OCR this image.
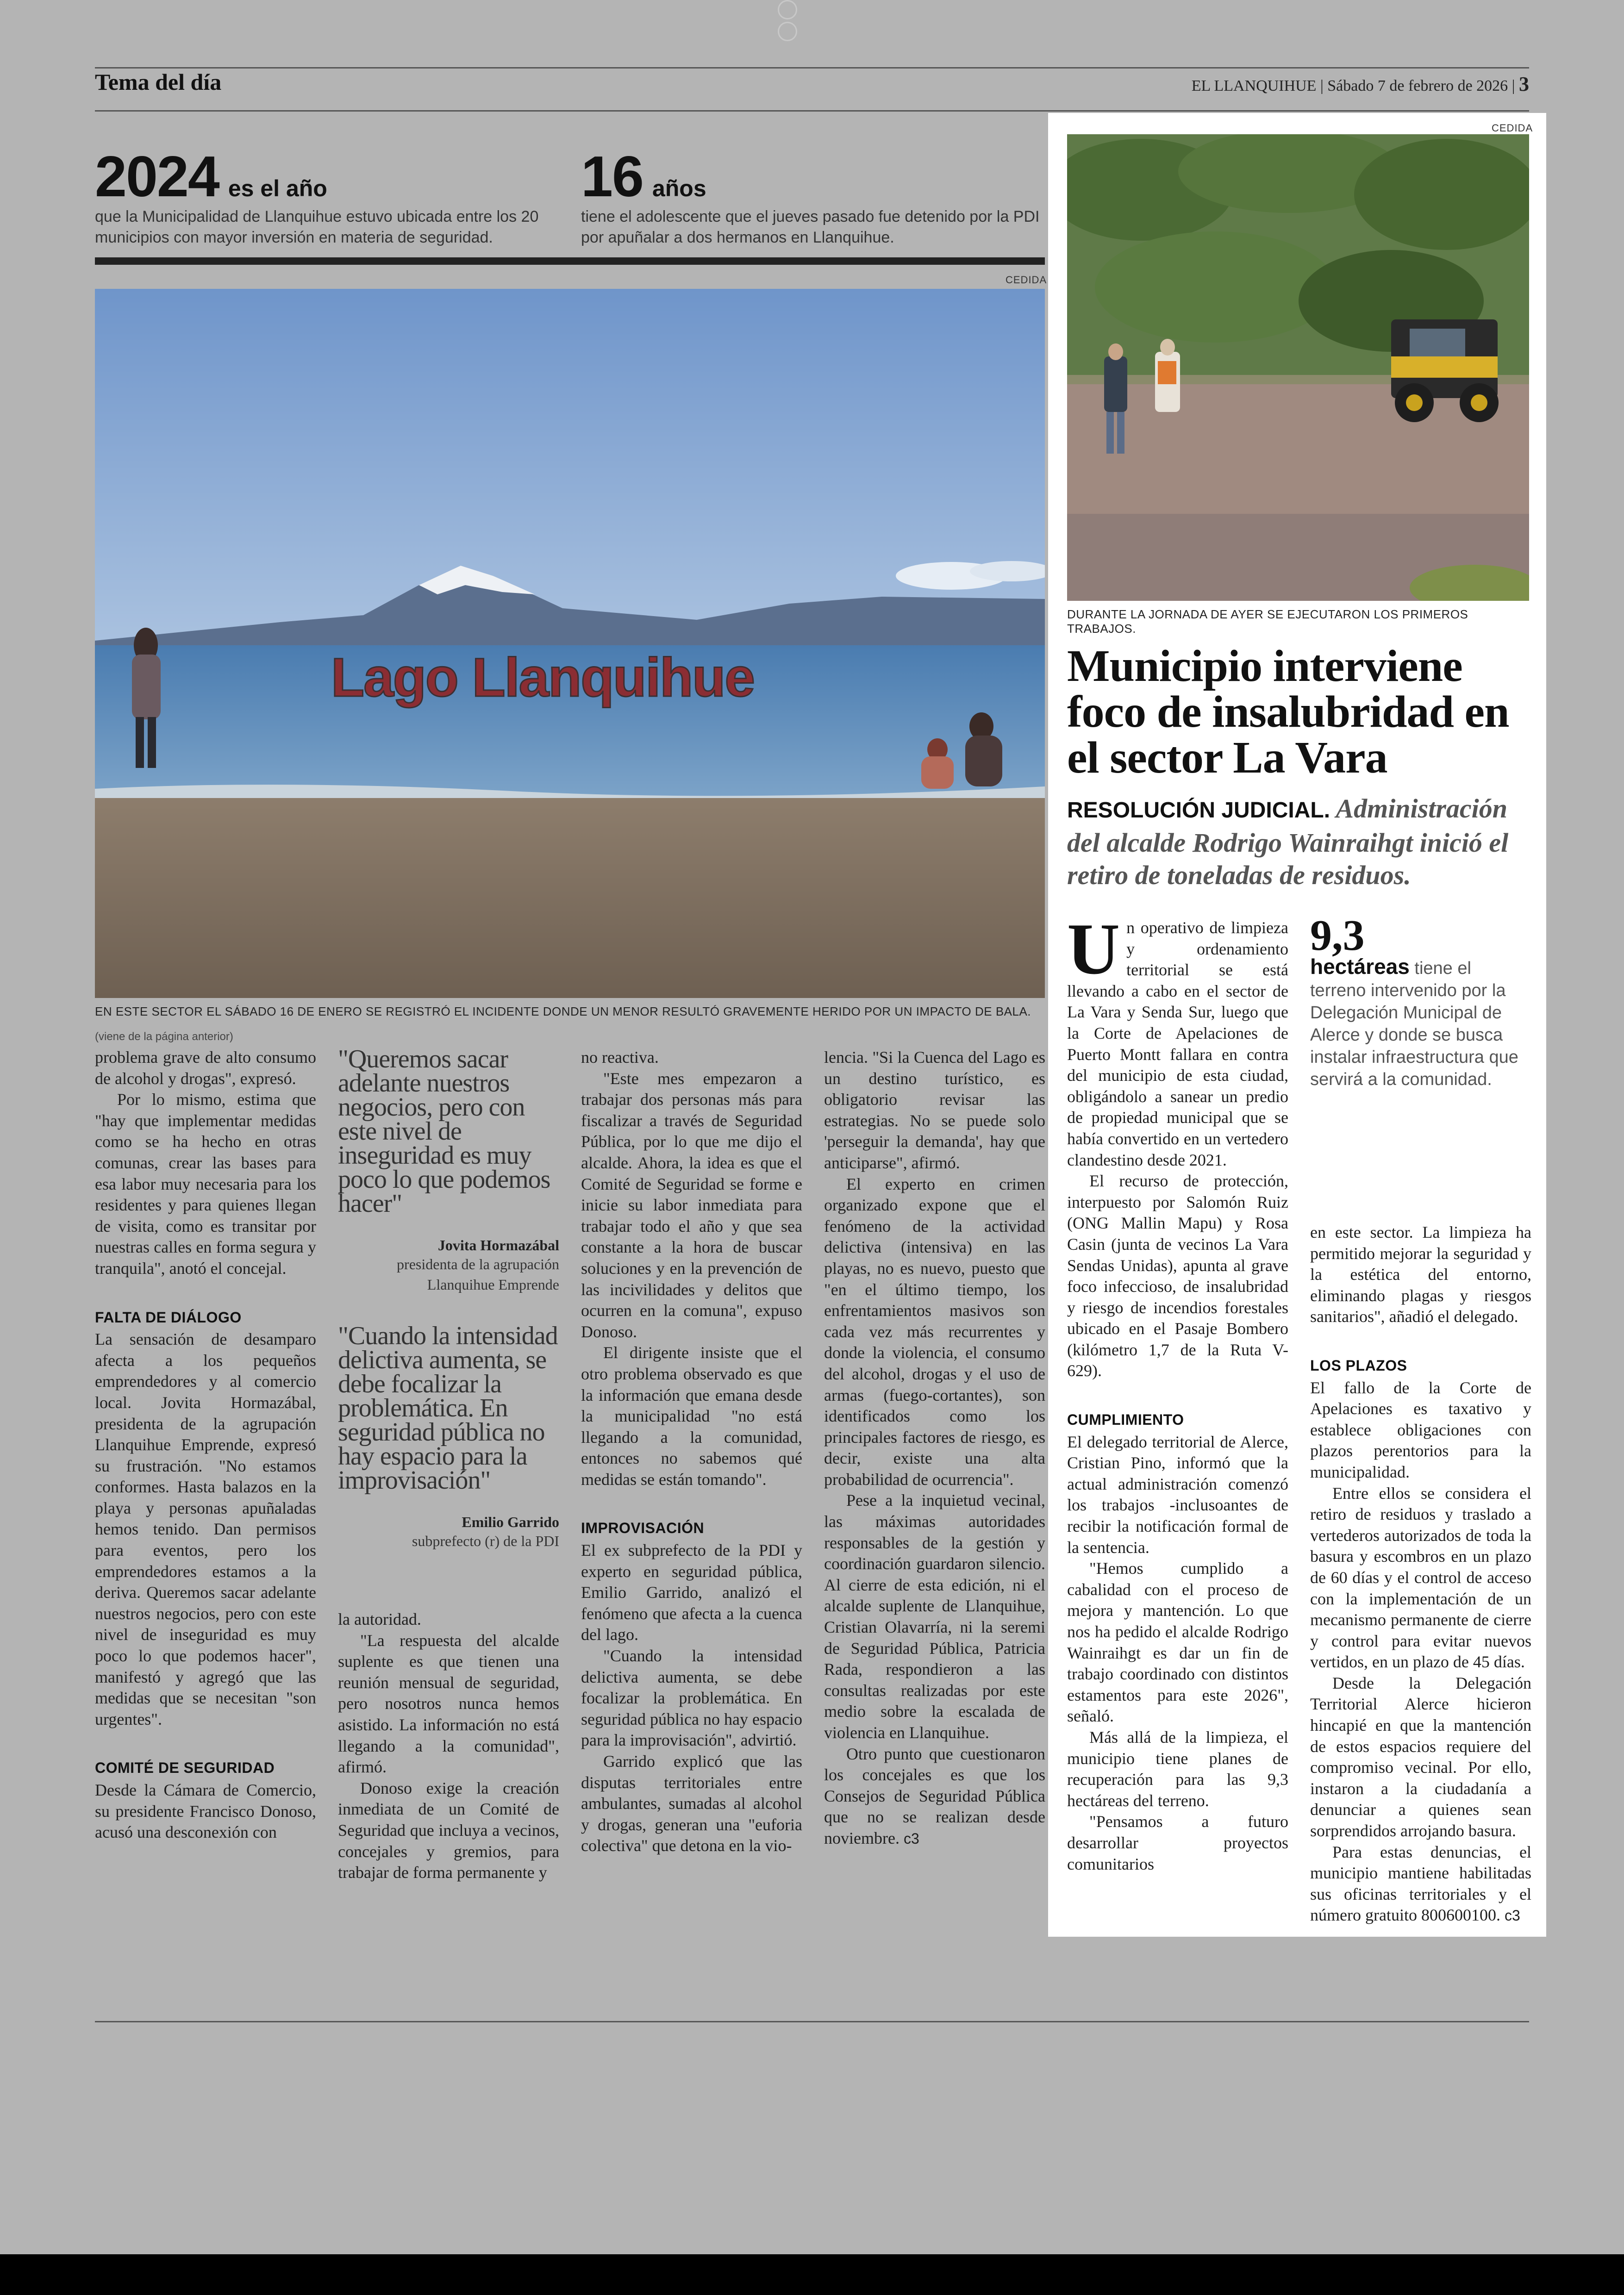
Tema del día	EL LLANQUIHUE | Sábado 7 de febrero de 2026 | 3
2024 es el año
que la Municipalidad de Llanquihue estuvo ubicada entre los 20 municipios con mayor inversión en materia de seguridad.
16 años
tiene el adolescente que el jueves pasado fue detenido por la PDI por apuñalar a dos hermanos en Llanquihue.
CEDIDA
Lago Llanquihue
EN ESTE SECTOR EL SÁBADO 16 DE ENERO SE REGISTRÓ EL INCIDENTE DONDE UN MENOR RESULTÓ GRAVEMENTE HERIDO POR UN IMPACTO DE BALA.
(viene de la página anterior)

problema grave de alto consumo de alcohol y drogas", expresó.

Por lo mismo, estima que "hay que implementar medidas como se ha hecho en otras comunas, crear las bases para esa labor muy necesaria para los residentes y para quienes llegan de visita, como es transitar por nuestras calles en forma segura y tranquila", anotó el concejal.

FALTA DE DIÁLOGO

La sensación de desamparo afecta a los pequeños emprendedores y al comercio local. Jovita Hormazábal, presidenta de la agrupación Llanquihue Emprende, expresó su frustración. "No estamos conformes. Hasta balazos en la playa y personas apuñaladas hemos tenido. Dan permisos para eventos, pero los emprendedores estamos a la deriva. Queremos sacar adelante nuestros negocios, pero con este nivel de inseguridad es muy poco lo que podemos hacer", manifestó y agregó que las medidas que se necesitan "son urgentes".

COMITÉ DE SEGURIDAD

Desde la Cámara de Comercio, su presidente Francisco Donoso, acusó una desconexión con

"Queremos sacar adelante nuestros negocios, pero con este nivel de inseguridad es muy poco lo que podemos hacer"
Jovita Hormazábal
presidenta de la agrupación Llanquihue Emprende
"Cuando la intensidad delictiva aumenta, se debe focalizar la problemática. En seguridad pública no hay espacio para la improvisación"
Emilio Garrido
subprefecto (r) de la PDI

la autoridad.

"La respuesta del alcalde suplente es que tienen una reunión mensual de seguridad, pero nosotros nunca hemos asistido. La información no está llegando a la comunidad", afirmó.

Donoso exige la creación inmediata de un Comité de Seguridad que incluya a vecinos, concejales y gremios, para trabajar de forma permanente y

no reactiva.

"Este mes empezaron a trabajar dos personas más para fiscalizar a través de Seguridad Pública, por lo que me dijo el alcalde. Ahora, la idea es que el Comité de Seguridad se forme e inicie su labor inmediata para trabajar todo el año y que sea constante a la hora de buscar soluciones y en la prevención de las incivilidades y delitos que ocurren en la comuna", expuso Donoso.

El dirigente insiste que el otro problema observado es que la información que emana desde la municipalidad "no está llegando a la comunidad, entonces no sabemos qué medidas se están tomando".

IMPROVISACIÓN

El ex subprefecto de la PDI y experto en seguridad pública, Emilio Garrido, analizó el fenómeno que afecta a la cuenca del lago.

"Cuando la intensidad delictiva aumenta, se debe focalizar la problemática. En seguridad pública no hay espacio para la improvisación", advirtió.

Garrido explicó que las disputas territoriales entre ambulantes, sumadas al alcohol y drogas, generan una "euforia colectiva" que detona en la vio-

lencia. "Si la Cuenca del Lago es un destino turístico, es obligatorio revisar las estrategias. No se puede solo 'perseguir la demanda', hay que anticiparse", afirmó.

El experto en crimen organizado expone que el fenómeno de la actividad delictiva (intensiva) en las playas, no es nuevo, puesto que "en el último tiempo, los enfrentamientos masivos son cada vez más recurrentes y donde la violencia, el consumo del alcohol, drogas y el uso de armas (fuego-cortantes), son identificados como los principales factores de riesgo, es decir, existe una alta probabilidad de ocurrencia".

Pese a la inquietud vecinal, las máximas autoridades responsables de la gestión y coordinación guardaron silencio. Al cierre de esta edición, ni el alcalde suplente de Llanquihue, Cristian Olavarría, ni la seremi de Seguridad Pública, Patricia Rada, respondieron a las consultas realizadas por este medio sobre la escalada de violencia en Llanquihue.

Otro punto que cuestionaron los concejales es que los Consejos de Seguridad Pública que no se realizan desde noviembre. c3

CEDIDA
DURANTE LA JORNADA DE AYER SE EJECUTARON LOS PRIMEROS TRABAJOS.
Municipio interviene foco de insalubridad en el sector La Vara
RESOLUCIÓN JUDICIAL. Administración del alcalde Rodrigo Wainraihgt inició el retiro de toneladas de residuos.
9,3
hectáreas tiene el terreno intervenido por la Delegación Municipal de Alerce y donde se busca instalar infraestructura que servirá a la comunidad.

Un operativo de limpieza y ordenamiento territorial se está llevando a cabo en el sector de La Vara y Senda Sur, luego que la Corte de Apelaciones de Puerto Montt fallara en contra del municipio de esta ciudad, obligándolo a sanear un predio de propiedad municipal que se había convertido en un vertedero clandestino desde 2021.

El recurso de protección, interpuesto por Salomón Ruiz (ONG Mallin Mapu) y Rosa Casin (junta de vecinos La Vara Sendas Unidas), apunta al grave foco infeccioso, de insalubridad y riesgo de incendios forestales ubicado en el Pasaje Bombero (kilómetro 1,7 de la Ruta V-629).

CUMPLIMIENTO

El delegado territorial de Alerce, Cristian Pino, informó que la actual administración comenzó los trabajos -inclusoantes de recibir la notificación formal de la sentencia.

"Hemos cumplido a cabalidad con el proceso de mejora y mantención. Lo que nos ha pedido el alcalde Rodrigo Wainraihgt es dar un fin de trabajo coordinado con distintos estamentos para este 2026", señaló.

Más allá de la limpieza, el municipio tiene planes de recuperación para las 9,3 hectáreas del terreno.

"Pensamos a futuro desarrollar proyectos comunitarios

en este sector. La limpieza ha permitido mejorar la seguridad y la estética del entorno, eliminando plagas y riesgos sanitarios", añadió el delegado.

LOS PLAZOS

El fallo de la Corte de Apelaciones es taxativo y establece obligaciones con plazos perentorios para la municipalidad.

Entre ellos se considera el retiro de residuos y traslado a vertederos autorizados de toda la basura y escombros en un plazo de 60 días y el control de acceso con la implementación de un mecanismo permanente de cierre y control para evitar nuevos vertidos, en un plazo de 45 días.

Desde la Delegación Territorial Alerce hicieron hincapié en que la mantención de estos espacios requiere del compromiso vecinal. Por ello, instaron a la ciudadanía a denunciar a quienes sean sorprendidos arrojando basura.

Para estas denuncias, el municipio mantiene habilitadas sus oficinas territoriales y el número gratuito 800600100. c3
